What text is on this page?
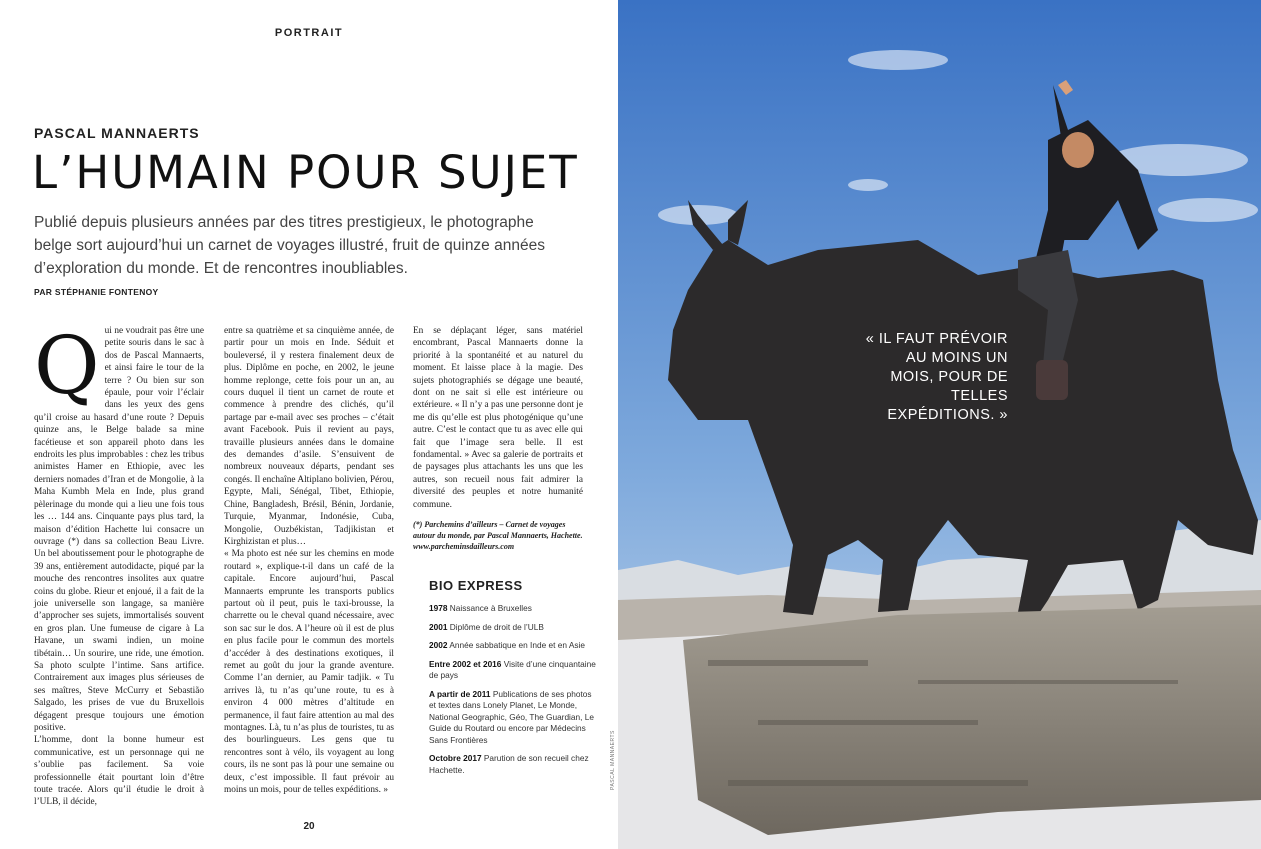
PORTRAIT
PASCAL MANNAERTS
L’HUMAIN POUR SUJET
Publié depuis plusieurs années par des titres prestigieux, le photographe belge sort aujourd’hui un carnet de voyages illustré, fruit de quinze années d’exploration du monde. Et de rencontres inoubliables.
PAR STÉPHANIE FONTENOY

Qui ne voudrait pas être une petite souris dans le sac à dos de Pascal Mannaerts, et ainsi faire le tour de la terre ? Ou bien sur son épaule, pour voir l’éclair dans les yeux des gens qu’il croise au hasard d’une route ? Depuis quinze ans, le Belge balade sa mine facétieuse et son appareil photo dans les endroits les plus improbables : chez les tribus animistes Hamer en Ethiopie, avec les derniers nomades d’Iran et de Mongolie, à la Maha Kumbh Mela en Inde, plus grand pèlerinage du monde qui a lieu une fois tous les … 144 ans. Cinquante pays plus tard, la maison d’édition Hachette lui consacre un ouvrage (*) dans sa collection Beau Livre. Un bel aboutissement pour le photographe de 39 ans, entièrement autodidacte, piqué par la mouche des rencontres insolites aux quatre coins du globe. Rieur et enjoué, il a fait de la joie universelle son langage, sa manière d’approcher ses sujets, immortalisés souvent en gros plan. Une fumeuse de cigare à La Havane, un swami indien, un moine tibétain… Un sourire, une ride, une émotion. Sa photo sculpte l’intime. Sans artifice. Contrairement aux images plus sérieuses de ses maîtres, Steve McCurry et Sebastião Salgado, les prises de vue du Bruxellois dégagent presque toujours une émotion positive.

L’homme, dont la bonne humeur est communicative, est un personnage qui ne s’oublie pas facilement. Sa voie professionnelle était pourtant loin d’être toute tracée. Alors qu’il étudie le droit à l’ULB, il décide,

entre sa quatrième et sa cinquième année, de partir pour un mois en Inde. Séduit et bouleversé, il y restera finalement deux de plus. Diplôme en poche, en 2002, le jeune homme replonge, cette fois pour un an, au cours duquel il tient un carnet de route et commence à prendre des clichés, qu’il partage par e-mail avec ses proches – c’était avant Facebook. Puis il revient au pays, travaille plusieurs années dans le domaine des demandes d’asile. S’ensuivent de nombreux nouveaux départs, pendant ses congés. Il enchaîne Altiplano bolivien, Pérou, Egypte, Mali, Sénégal, Tibet, Ethiopie, Chine, Bangladesh, Brésil, Bénin, Jordanie, Turquie, Myanmar, Indonésie, Cuba, Mongolie, Ouzbékistan, Tadjikistan et Kirghizistan et plus…

« Ma photo est née sur les chemins en mode routard », explique-t-il dans un café de la capitale. Encore aujourd’hui, Pascal Mannaerts emprunte les transports publics partout où il peut, puis le taxi-brousse, la charrette ou le cheval quand nécessaire, avec son sac sur le dos. A l’heure où il est de plus en plus facile pour le commun des mortels d’accéder à des destinations exotiques, il remet au goût du jour la grande aventure. Comme l’an dernier, au Pamir tadjik. « Tu arrives là, tu n’as qu’une route, tu es à environ 4 000 mètres d’altitude en permanence, il faut faire attention au mal des montagnes. Là, tu n’as plus de touristes, tu as des bourlingueurs. Les gens que tu rencontres sont à vélo, ils voyagent au long cours, ils ne sont pas là pour une semaine ou deux, c’est impossible. Il faut prévoir au moins un mois, pour de telles expéditions. »

En se déplaçant léger, sans matériel encombrant, Pascal Mannaerts donne la priorité à la spontanéité et au naturel du moment. Et laisse place à la magie. Des sujets photographiés se dégage une beauté, dont on ne sait si elle est intérieure ou extérieure. « Il n’y a pas une personne dont je me dis qu’elle est plus photogénique qu’une autre. C’est le contact que tu as avec elle qui fait que l’image sera belle. Il est fondamental. » Avec sa galerie de portraits et de paysages plus attachants les uns que les autres, son recueil nous fait admirer la diversité des peuples et notre humanité commune.

(*) Parchemins d’ailleurs – Carnet de voyages autour du monde, par Pascal Mannaerts, Hachette. www.parcheminsdailleurs.com

BIO EXPRESS
1978 Naissance à Bruxelles
2001 Diplôme de droit de l’ULB
2002 Année sabbatique en Inde et en Asie
Entre 2002 et 2016 Visite d’une cinquantaine de pays
A partir de 2011 Publications de ses photos et textes dans Lonely Planet, Le Monde, National Geographic, Géo, The Guardian, Le Guide du Routard ou encore par Médecins Sans Frontières
Octobre 2017 Parution de son recueil chez Hachette.
20
« IL FAUT PRÉVOIR AU MOINS UN MOIS, POUR DE TELLES EXPÉDITIONS. »
PASCAL MANNAERTS
